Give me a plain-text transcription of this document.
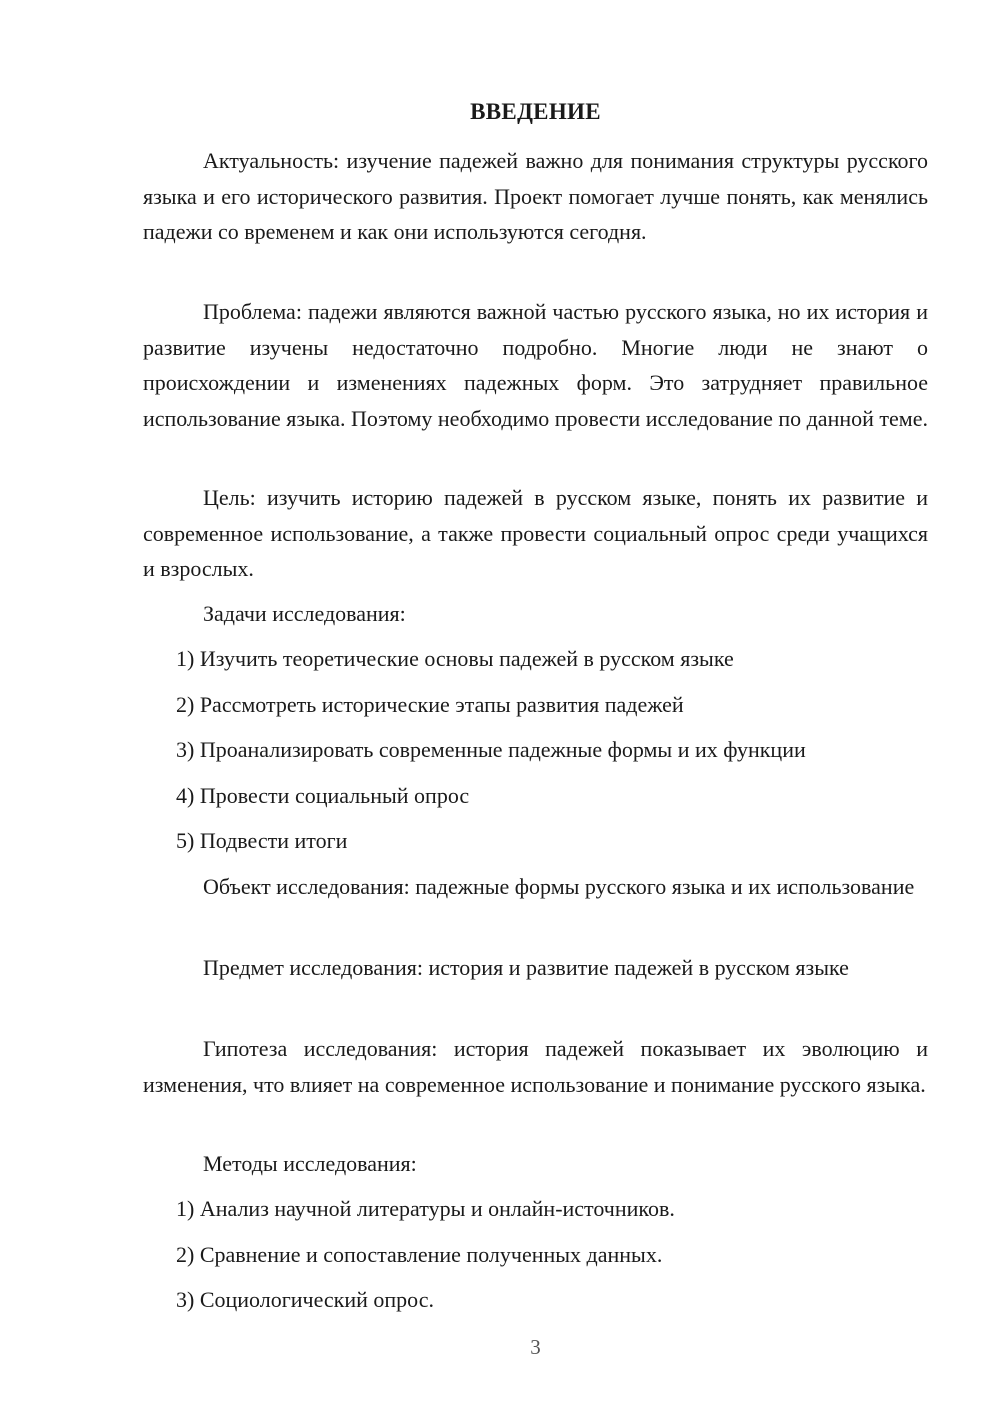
ВВЕДЕНИЕ

Актуальность: изучение падежей важно для понимания структуры русского языка и его исторического развития. Проект помогает лучше понять, как менялись падежи со временем и как они используются сегодня.

Проблема: падежи являются важной частью русского языка, но их история и развитие изучены недостаточно подробно. Многие люди не знают о происхождении и изменениях падежных форм. Это затрудняет правильное использование языка. Поэтому необходимо провести исследование по данной теме.

Цель: изучить историю падежей в русском языке, понять их развитие и современное использование, а также провести социальный опрос среди учащихся и взрослых.

Задачи исследования:

1) Изучить теоретические основы падежей в русском языке

2) Рассмотреть исторические этапы развития падежей

3) Проанализировать современные падежные формы и их функции

4) Провести социальный опрос

5) Подвести итоги

Объект исследования: падежные формы русского языка и их использование

Предмет исследования: история и развитие падежей в русском языке

Гипотеза исследования: история падежей показывает их эволюцию и изменения, что влияет на современное использование и понимание русского языка.

Методы исследования:

1) Анализ научной литературы и онлайн-источников.

2) Сравнение и сопоставление полученных данных.

3) Социологический опрос.

3
